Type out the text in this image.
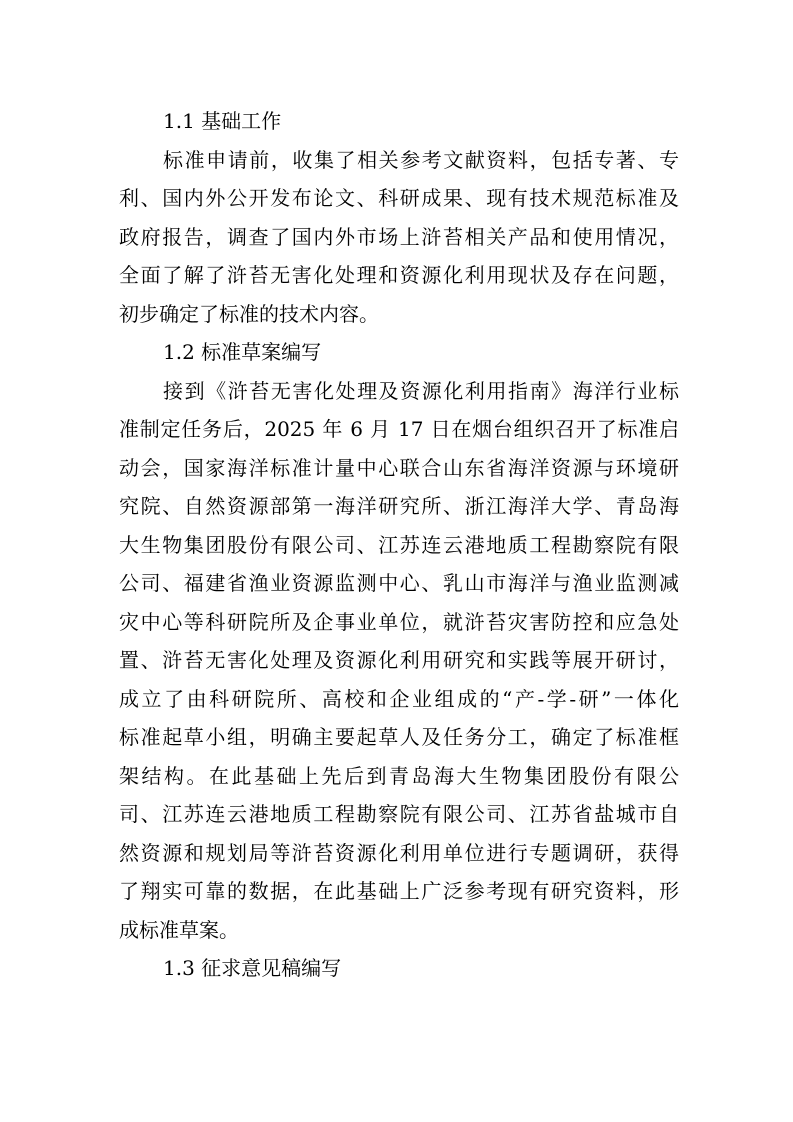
1.1 基础工作
标准申请前，收集了相关参考文献资料，包括专著、专
利、国内外公开发布论文、科研成果、现有技术规范标准及
政府报告，调查了国内外市场上浒苔相关产品和使用情况，
全面了解了浒苔无害化处理和资源化利用现状及存在问题，
初步确定了标准的技术内容。
1.2 标准草案编写
接到《浒苔无害化处理及资源化利用指南》海洋行业标
准制定任务后，2025 年 6 月 17 日在烟台组织召开了标准启
动会，国家海洋标准计量中心联合山东省海洋资源与环境研
究院、自然资源部第一海洋研究所、浙江海洋大学、青岛海
大生物集团股份有限公司、江苏连云港地质工程勘察院有限
公司、福建省渔业资源监测中心、乳山市海洋与渔业监测减
灾中心等科研院所及企事业单位，就浒苔灾害防控和应急处
置、浒苔无害化处理及资源化利用研究和实践等展开研讨，
成立了由科研院所、高校和企业组成的“产-学-研”一体化
标准起草小组，明确主要起草人及任务分工，确定了标准框
架结构。在此基础上先后到青岛海大生物集团股份有限公
司、江苏连云港地质工程勘察院有限公司、江苏省盐城市自
然资源和规划局等浒苔资源化利用单位进行专题调研，获得
了翔实可靠的数据，在此基础上广泛参考现有研究资料，形
成标准草案。
1.3 征求意见稿编写
